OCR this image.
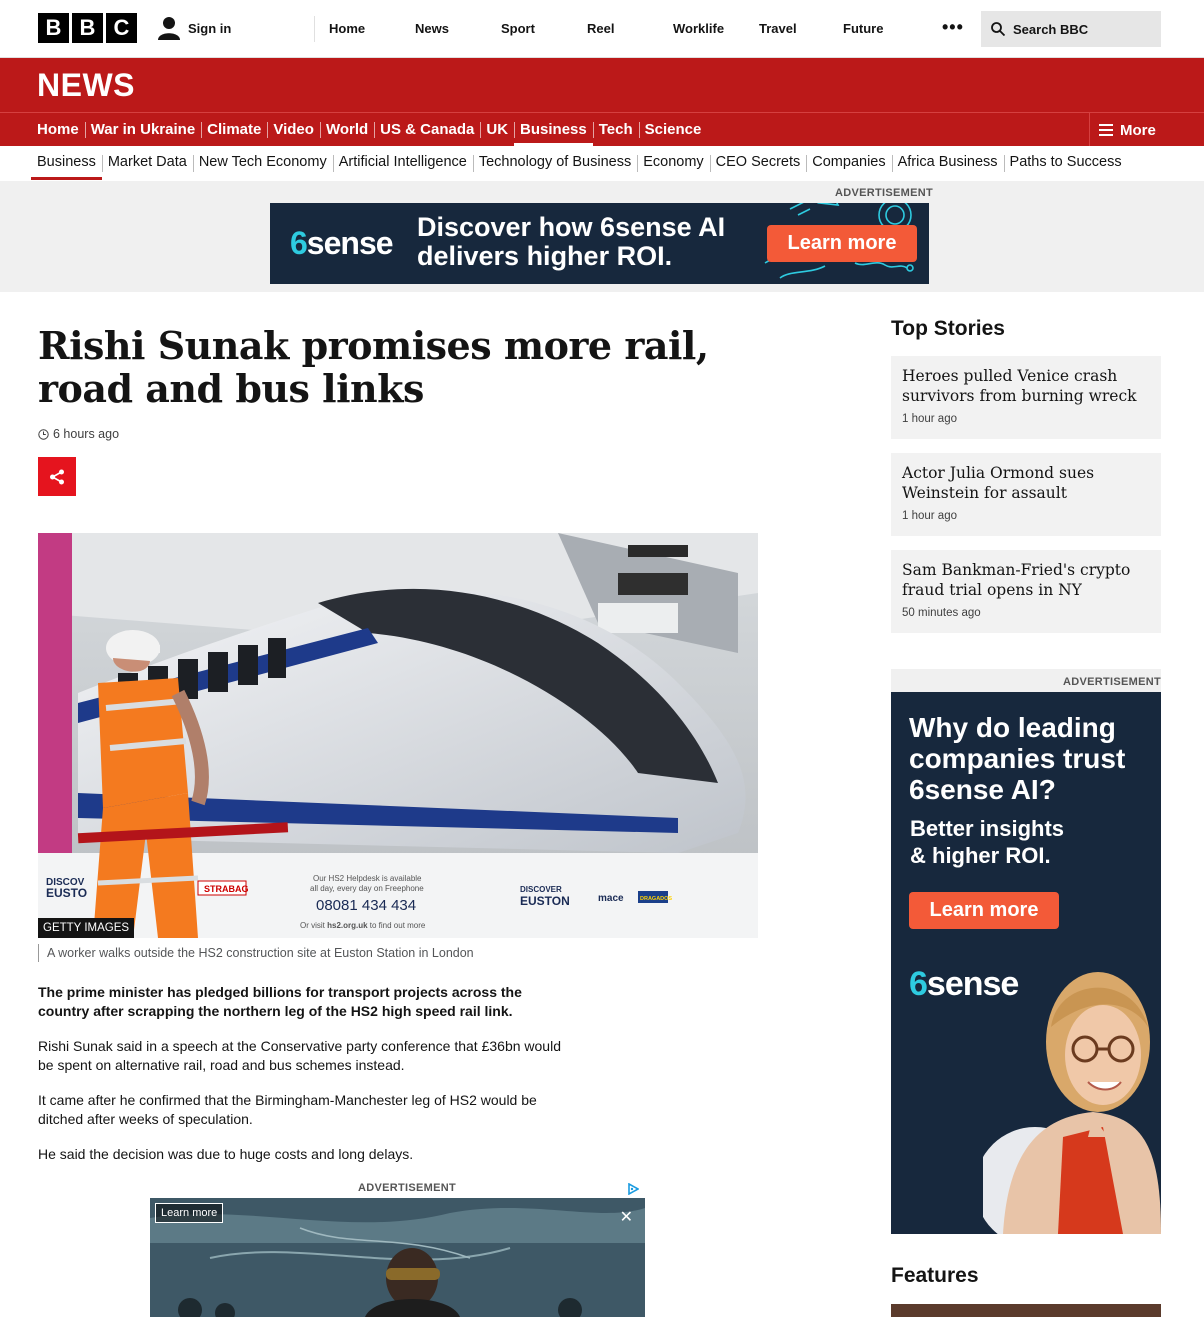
B B C	Sign in	Home	News	Sport	Reel	Worklife	Travel	Future	•••	Search BBC
NEWS
Home War in Ukraine Climate Video World US & Canada UK Business Tech Science	More
Business Market Data New Tech Economy Artificial Intelligence Technology of Business Economy CEO Secrets Companies Africa Business Paths to Success
ADVERTISEMENT
6sense Discover how 6sense AI
delivers higher ROI.	Learn more
Rishi Sunak promises more rail, road and bus links
6 hours ago
DISCOV
EUSTO	STRABAG
Our HS2 Helpdesk is available
all day, every day on Freephone
08081 434 434
Or visit hs2.org.uk to find out more
DISCOVER
EUSTON	mace	DRAGADOS
GETTY IMAGES
A worker walks outside the HS2 construction site at Euston Station in London

The prime minister has pledged billions for transport projects across the country after scrapping the northern leg of the HS2 high speed rail link.

Rishi Sunak said in a speech at the Conservative party conference that £36bn would be spent on alternative rail, road and bus schemes instead.

It came after he confirmed that the Birmingham-Manchester leg of HS2 would be ditched after weeks of speculation.

He said the decision was due to huge costs and long delays.

ADVERTISEMENT
Learn more	✕
Top Stories
Heroes pulled Venice crash survivors from burning wreck
1 hour ago
Actor Julia Ormond sues Weinstein for assault
1 hour ago
Sam Bankman-Fried's crypto fraud trial opens in NY
50 minutes ago
ADVERTISEMENT
Why do leading companies trust 6sense AI?
Better insights
& higher ROI.
Learn more
6sense
Features
